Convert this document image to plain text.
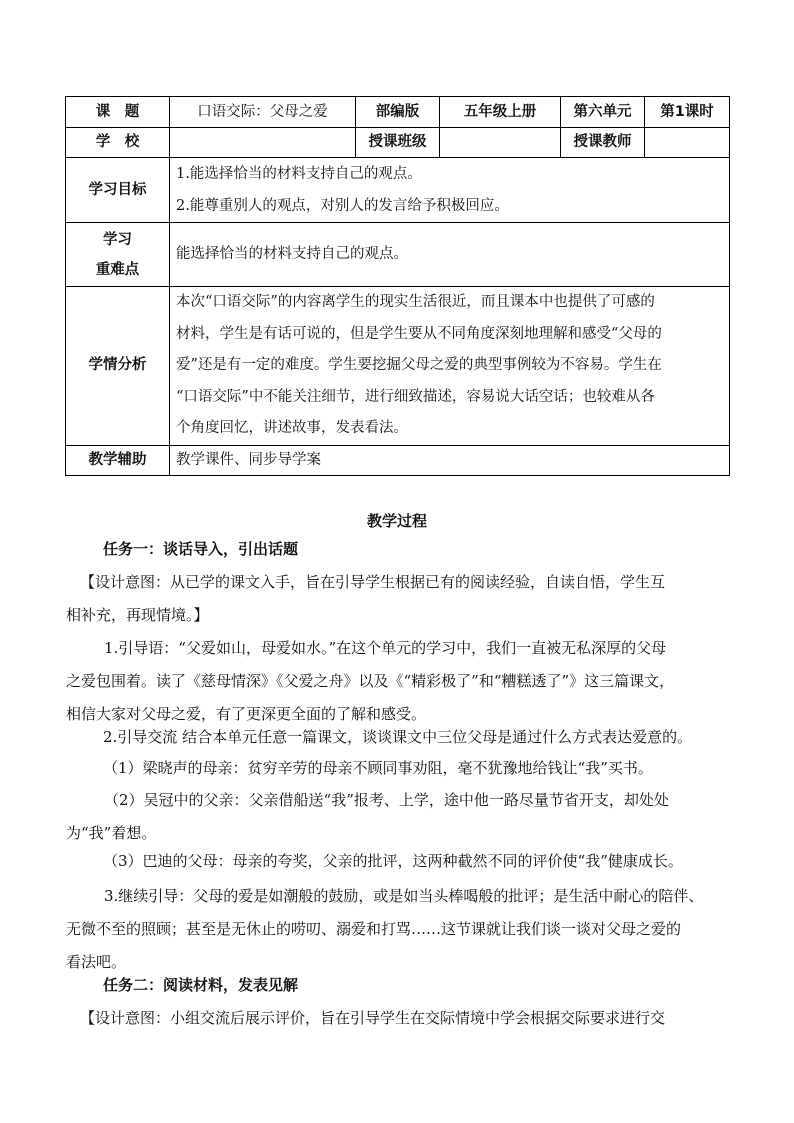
课　题	口语交际：父母之爱	部编版	五年级上册	第六单元	第1课时
学　校		授课班级		授课教师	
学习目标	1.能选择恰当的材料支持自己的观点。

2.能尊重别人的观点，对别人的发言给予积极回应。				

学习
重难点	能选择恰当的材料支持自己的观点。				
学情分析	本次“口语交际”的内容离学生的现实生活很近，而且课本中也提供了可感的

材料，学生是有话可说的，但是学生要从不同角度深刻地理解和感受“父母的

爱”还是有一定的难度。学生要挖掘父母之爱的典型事例较为不容易。学生在

“口语交际”中不能关注细节，进行细致描述，容易说大话空话；也较难从各

个角度回忆，讲述故事，发表看法。				

教学辅助	教学课件、同步导学案				
教学过程
任务一：谈话导入，引出话题
【设计意图：从已学的课文入手，旨在引导学生根据已有的阅读经验，自读自悟，学生互
相补充，再现情境。】
1.引导语：“父爱如山，母爱如水。”在这个单元的学习中，我们一直被无私深厚的父母
之爱包围着。读了《慈母情深》《父爱之舟》以及《“精彩极了”和“糟糕透了”》这三篇课文，
相信大家对父母之爱，有了更深更全面的了解和感受。
2.引导交流 结合本单元任意一篇课文，谈谈课文中三位父母是通过什么方式表达爱意的。
（1）梁晓声的母亲：贫穷辛劳的母亲不顾同事劝阻，毫不犹豫地给钱让“我”买书。
（2）吴冠中的父亲：父亲借船送“我”报考、上学，途中他一路尽量节省开支，却处处
为“我”着想。
（3）巴迪的父母：母亲的夸奖，父亲的批评，这两种截然不同的评价使“我”健康成长。
3.继续引导：父母的爱是如潮般的鼓励，或是如当头棒喝般的批评；是生活中耐心的陪伴、
无微不至的照顾；甚至是无休止的唠叨、溺爱和打骂……这节课就让我们谈一谈对父母之爱的
看法吧。
任务二：阅读材料，发表见解
【设计意图：小组交流后展示评价，旨在引导学生在交际情境中学会根据交际要求进行交
